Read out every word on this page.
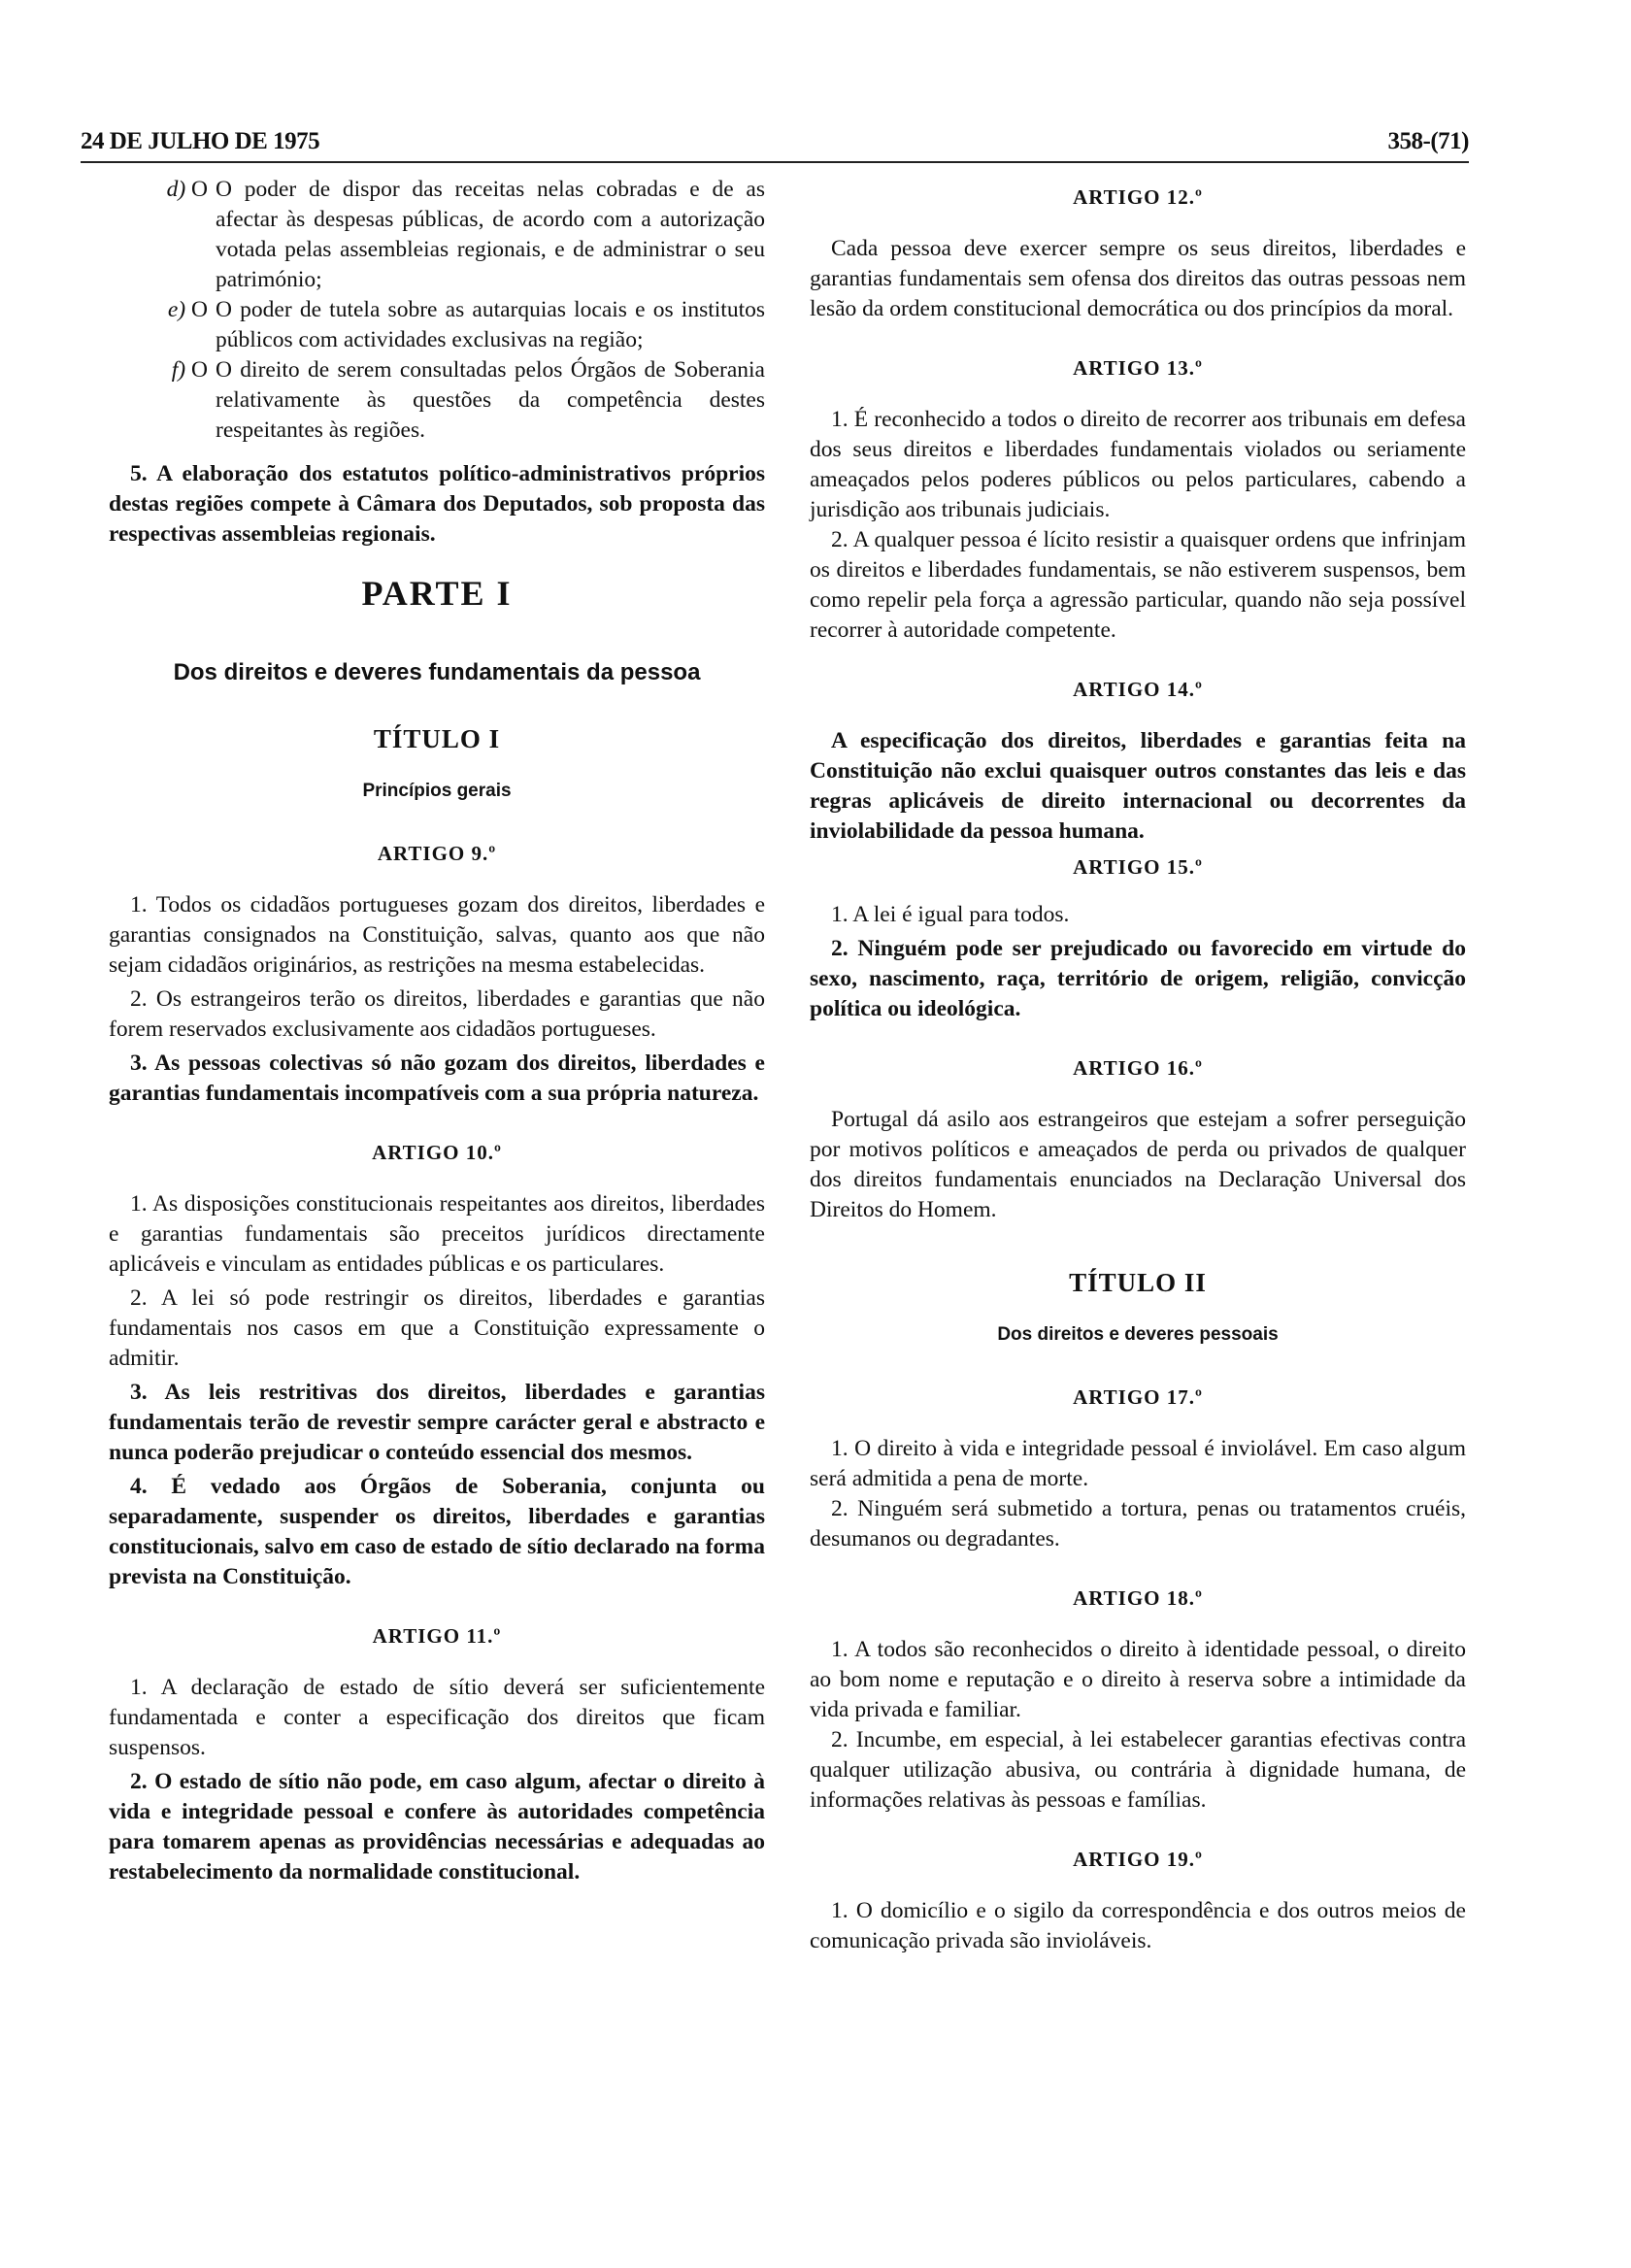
24 DE JULHO DE 1975	358-(71)
d) O O poder de dispor das receitas nelas cobradas e de as afectar às despesas públicas, de acordo com a autorização votada pelas assembleias regionais, e de administrar o seu património;
e) O O poder de tutela sobre as autarquias locais e os institutos públicos com actividades exclusivas na região;
f) O O direito de serem consultadas pelos Órgãos de Soberania relativamente às questões da competência destes respeitantes às regiões.

5. A elaboração dos estatutos político-administrativos próprios destas regiões compete à Câmara dos Deputados, sob proposta das respectivas assembleias regionais.

PARTE I
Dos direitos e deveres fundamentais da pessoa
TÍTULO I
Princípios gerais
ARTIGO 9.º

1. Todos os cidadãos portugueses gozam dos direitos, liberdades e garantias consignados na Constituição, salvas, quanto aos que não sejam cidadãos originários, as restrições na mesma estabelecidas.

2. Os estrangeiros terão os direitos, liberdades e garantias que não forem reservados exclusivamente aos cidadãos portugueses.

3. As pessoas colectivas só não gozam dos direitos, liberdades e garantias fundamentais incompatíveis com a sua própria natureza.

ARTIGO 10.º

1. As disposições constitucionais respeitantes aos direitos, liberdades e garantias fundamentais são preceitos jurídicos directamente aplicáveis e vinculam as entidades públicas e os particulares.

2. A lei só pode restringir os direitos, liberdades e garantias fundamentais nos casos em que a Constituição expressamente o admitir.

3. As leis restritivas dos direitos, liberdades e garantias fundamentais terão de revestir sempre carácter geral e abstracto e nunca poderão prejudicar o conteúdo essencial dos mesmos.

4. É vedado aos Órgãos de Soberania, conjunta ou separadamente, suspender os direitos, liberdades e garantias constitucionais, salvo em caso de estado de sítio declarado na forma prevista na Constituição.

ARTIGO 11.º

1. A declaração de estado de sítio deverá ser suficientemente fundamentada e conter a especificação dos direitos que ficam suspensos.

2. O estado de sítio não pode, em caso algum, afectar o direito à vida e integridade pessoal e confere às autoridades competência para tomarem apenas as providências necessárias e adequadas ao restabelecimento da normalidade constitucional.

ARTIGO 12.º

Cada pessoa deve exercer sempre os seus direitos, liberdades e garantias fundamentais sem ofensa dos direitos das outras pessoas nem lesão da ordem constitucional democrática ou dos princípios da moral.

ARTIGO 13.º

1. É reconhecido a todos o direito de recorrer aos tribunais em defesa dos seus direitos e liberdades fundamentais violados ou seriamente ameaçados pelos poderes públicos ou pelos particulares, cabendo a jurisdição aos tribunais judiciais.

2. A qualquer pessoa é lícito resistir a quaisquer ordens que infrinjam os direitos e liberdades fundamentais, se não estiverem suspensos, bem como repelir pela força a agressão particular, quando não seja possível recorrer à autoridade competente.

ARTIGO 14.º

A especificação dos direitos, liberdades e garantias feita na Constituição não exclui quaisquer outros constantes das leis e das regras aplicáveis de direito internacional ou decorrentes da inviolabilidade da pessoa humana.

ARTIGO 15.º

1. A lei é igual para todos.

2. Ninguém pode ser prejudicado ou favorecido em virtude do sexo, nascimento, raça, território de origem, religião, convicção política ou ideológica.

ARTIGO 16.º

Portugal dá asilo aos estrangeiros que estejam a sofrer perseguição por motivos políticos e ameaçados de perda ou privados de qualquer dos direitos fundamentais enunciados na Declaração Universal dos Direitos do Homem.

TÍTULO II
Dos direitos e deveres pessoais
ARTIGO 17.º

1. O direito à vida e integridade pessoal é inviolável. Em caso algum será admitida a pena de morte.

2. Ninguém será submetido a tortura, penas ou tratamentos cruéis, desumanos ou degradantes.

ARTIGO 18.º

1. A todos são reconhecidos o direito à identidade pessoal, o direito ao bom nome e reputação e o direito à reserva sobre a intimidade da vida privada e familiar.

2. Incumbe, em especial, à lei estabelecer garantias efectivas contra qualquer utilização abusiva, ou contrária à dignidade humana, de informações relativas às pessoas e famílias.

ARTIGO 19.º

1. O domicílio e o sigilo da correspondência e dos outros meios de comunicação privada são invioláveis.
